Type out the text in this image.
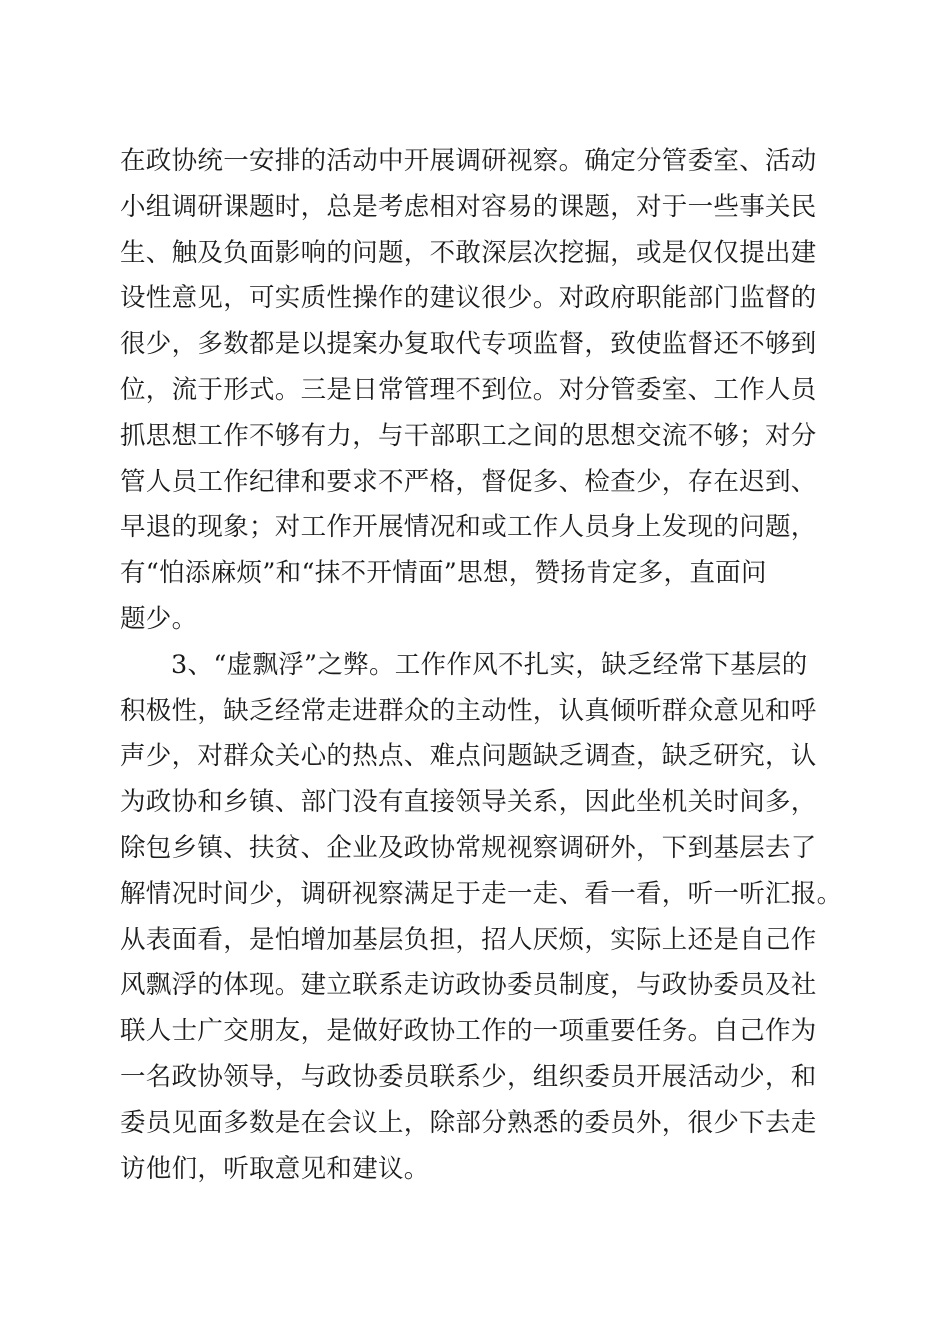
在政协统一安排的活动中开展调研视察。确定分管委室、活动
小组调研课题时，总是考虑相对容易的课题，对于一些事关民
生、触及负面影响的问题，不敢深层次挖掘，或是仅仅提出建
设性意见，可实质性操作的建议很少。对政府职能部门监督的
很少，多数都是以提案办复取代专项监督，致使监督还不够到
位，流于形式。三是日常管理不到位。对分管委室、工作人员
抓思想工作不够有力，与干部职工之间的思想交流不够；对分
管人员工作纪律和要求不严格，督促多、检查少，存在迟到、
早退的现象；对工作开展情况和或工作人员身上发现的问题，
有“怕添麻烦”和“抹不开情面”思想，赞扬肯定多，直面问
题少。
3、“虚飘浮”之弊。工作作风不扎实，缺乏经常下基层的
积极性，缺乏经常走进群众的主动性，认真倾听群众意见和呼
声少，对群众关心的热点、难点问题缺乏调查，缺乏研究，认
为政协和乡镇、部门没有直接领导关系，因此坐机关时间多，
除包乡镇、扶贫、企业及政协常规视察调研外，下到基层去了
解情况时间少，调研视察满足于走一走、看一看，听一听汇报。
从表面看，是怕增加基层负担，招人厌烦，实际上还是自己作
风飘浮的体现。建立联系走访政协委员制度，与政协委员及社
联人士广交朋友，是做好政协工作的一项重要任务。自己作为
一名政协领导，与政协委员联系少，组织委员开展活动少，和
委员见面多数是在会议上，除部分熟悉的委员外，很少下去走
访他们，听取意见和建议。
